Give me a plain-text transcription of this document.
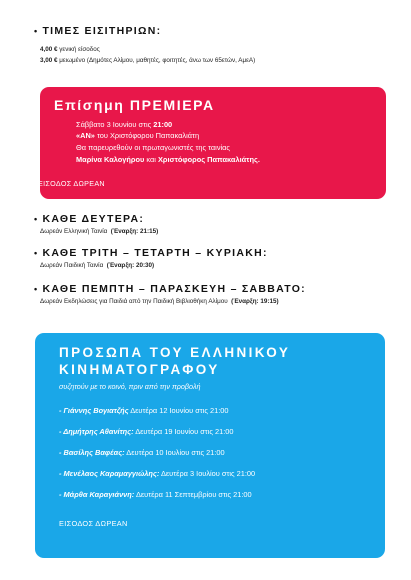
• ΤΙΜΕΣ ΕΙΣΙΤΗΡΙΩΝ:
4,00 € γενική είσοδος
3,00 € μειωμένο (Δημότες Αλίμου, μαθητές, φοιτητές, άνω των 65ετών, ΑμεΑ)
Επίσημη ΠΡΕΜΙΕΡΑ
Σάββατο 3 Ιουνίου στις 21:00
«ΑΝ» του Χριστόφορου Παπακαλιάτη
Θα παρευρεθούν οι πρωταγωνιστές της ταινίας
Μαρίνα Καλογήρου και Χριστόφορος Παπακαλιάτης.
ΕΙΣΟΔΟΣ ΔΩΡΕΑΝ
• ΚΑΘΕ ΔΕΥΤΕΡΑ:
Δωρεάν Ελληνική Ταινία (Έναρξη: 21:15)
• ΚΑΘΕ ΤΡΙΤΗ – ΤΕΤΑΡΤΗ – ΚΥΡΙΑΚΗ:
Δωρεάν Παιδική Ταινία (Έναρξη: 20:30)
• ΚΑΘΕ ΠΕΜΠΤΗ – ΠΑΡΑΣΚΕΥΗ – ΣΑΒΒΑΤΟ:
Δωρεάν Εκδηλώσεις για Παιδιά από την Παιδική Βιβλιοθήκη Αλίμου (Έναρξη: 19:15)
ΠΡΟΣΩΠΑ ΤΟΥ ΕΛΛΗΝΙΚΟΥ
ΚΙΝΗΜΑΤΟΓΡΑΦΟΥ
συζητούν με το κοινό, πριν από την προβολή
- Γιάννης Βογιατζής Δευτέρα 12 Ιουνίου στις 21:00
- Δημήτρης Αθανίτης: Δευτέρα 19 Ιουνίου στις 21:00
- Βασίλης Βαφέας: Δευτέρα 10 Ιουλίου στις 21:00
- Μενέλαος Καραμαγγιώλης: Δευτέρα 3 Ιουλίου στις 21:00
- Μάρθα Καραγιάννη: Δευτέρα 11 Σεπτεμβρίου στις 21:00
ΕΙΣΟΔΟΣ ΔΩΡΕΑΝ
